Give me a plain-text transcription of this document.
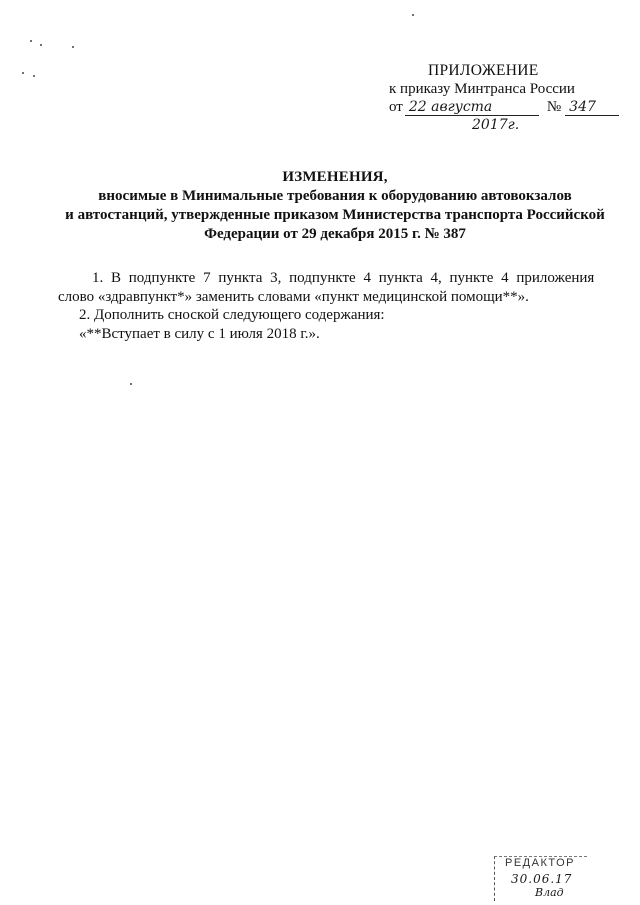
ПРИЛОЖЕНИЕ
к приказу Минтранса России
от 22 августа	№ 347
2017г.
ИЗМЕНЕНИЯ,
вносимые в Минимальные требования к оборудованию автовокзалов
и автостанций, утвержденные приказом Министерства транспорта Российской
Федерации от 29 декабря 2015 г. № 387
1. В подпункте 7 пункта 3, подпункте 4 пункта 4, пункте 4 приложения
слово «здравпункт*» заменить словами «пункт медицинской помощи**».
2. Дополнить сноской следующего содержания:
«**Вступает в силу с 1 июля 2018 г.».
РЕДАКТОР
30.06.17
Влад
